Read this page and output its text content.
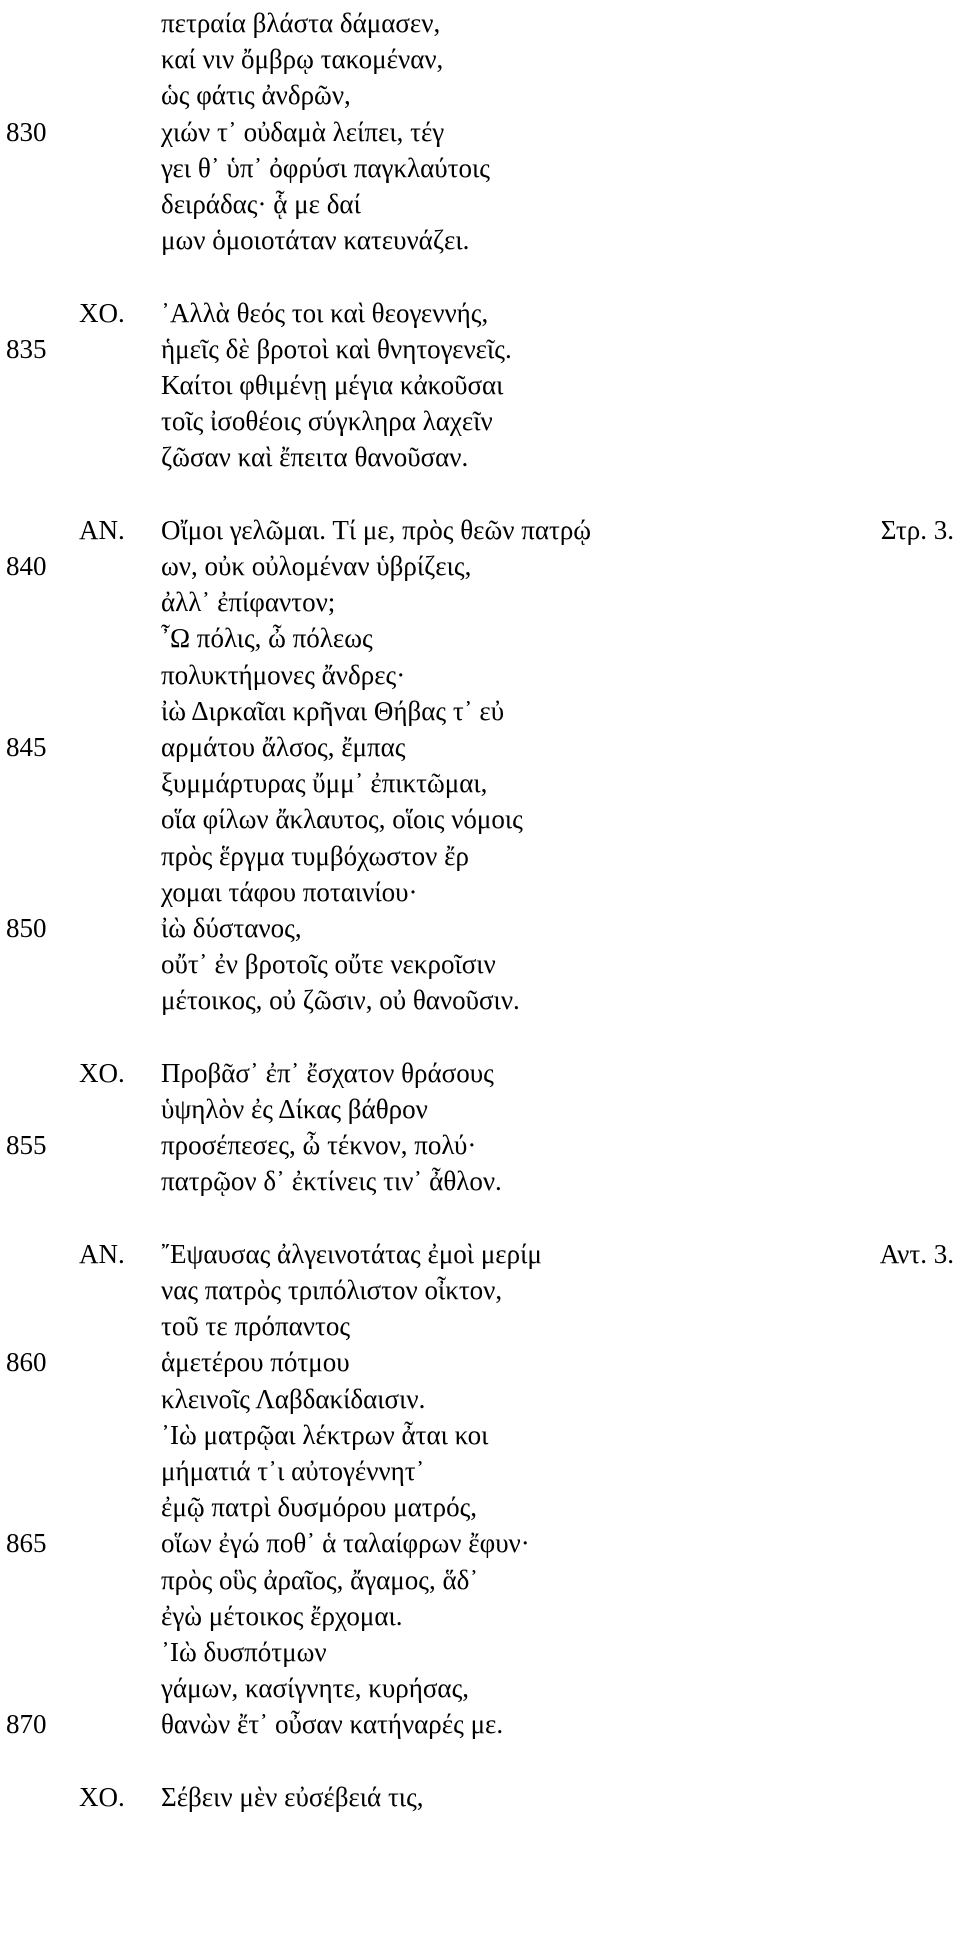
πετραία βλάστα δάμασεν,
καί νιν ὄμβρῳ τακομέναν,
ὡς φάτις ἀνδρῶν,
830	χιών τ᾽ οὐδαμὰ λείπει, τέγ
γει θ᾽ ὑπ᾽ ὀφρύσι παγκλαύτοις
δειράδας· ᾇ με δαί
μων ὁμοιοτάταν κατευνάζει.
ΧΟ. ᾽Αλλὰ θεός τοι καὶ θεογεννής,
835	ἡμεῖς δὲ βροτοὶ καὶ θνητογενεῖς.
Καίτοι φθιμένῃ μέγια κἀκοῦσαι
τοῖς ἰσοθέοις σύγκληρα λαχεῖν
ζῶσαν καὶ ἔπειτα θανοῦσαν.
ΑΝ. Οἴμοι γελῶμαι. Τί με, πρὸς θεῶν πατρῴ	Στρ. 3.
840	ων, οὐκ οὐλομέναν ὑβρίζεις,
ἀλλ᾽ ἐπίφαντον;
῏Ω πόλις, ὦ πόλεως
πολυκτήμονες ἄνδρες·
ἰὼ Διρκαῖαι κρῆναι Θήβας τ᾽ εὐ
845	αρμάτου ἄλσος, ἔμπας
ξυμμάρτυρας ὔμμ᾽ ἐπικτῶμαι,
οἵα φίλων ἄκλαυτος, οἵοις νόμοις
πρὸς ἕργμα τυμβόχωστον ἔρ
χομαι τάφου ποταινίου·
850	ἰὼ δύστανος,
οὔτ᾽ ἐν βροτοῖς οὔτε νεκροῖσιν
μέτοικος, οὐ ζῶσιν, οὐ θανοῦσιν.
ΧΟ. Προβᾶσ᾽ ἐπ᾽ ἔσχατον θράσους
ὑψηλὸν ἐς Δίκας βάθρον
855	προσέπεσες, ὦ τέκνον, πολύ·
πατρῷον δ᾽ ἐκτίνεις τιν᾽ ἆθλον.
ΑΝ. ῎Εψαυσας ἀλγεινοτάτας ἐμοὶ μερίμ	Αντ. 3.
νας πατρὸς τριπόλιστον οἶκτον,
τοῦ τε πρόπαντος
860	ἁμετέρου πότμου
κλεινοῖς Λαβδακίδαισιν.
᾽Ιὼ ματρῷαι λέκτρων ἆται κοι
μήματιά τ᾽ι αὐτογέννητ᾽
ἐμῷ πατρὶ δυσμόρου ματρός,
865	οἵων ἐγώ ποθ᾽ ἁ ταλαίφρων ἔφυν·
πρὸς οὓς ἀραῖος, ἄγαμος, ἅδ᾽
ἐγὼ μέτοικος ἔρχομαι.
᾽Ιὼ δυσπότμων
γάμων, κασίγνητε, κυρήσας,
870	θανὼν ἔτ᾽ οὖσαν κατήναρές με.
ΧΟ. Σέβειν μὲν εὐσέβειά τις,
